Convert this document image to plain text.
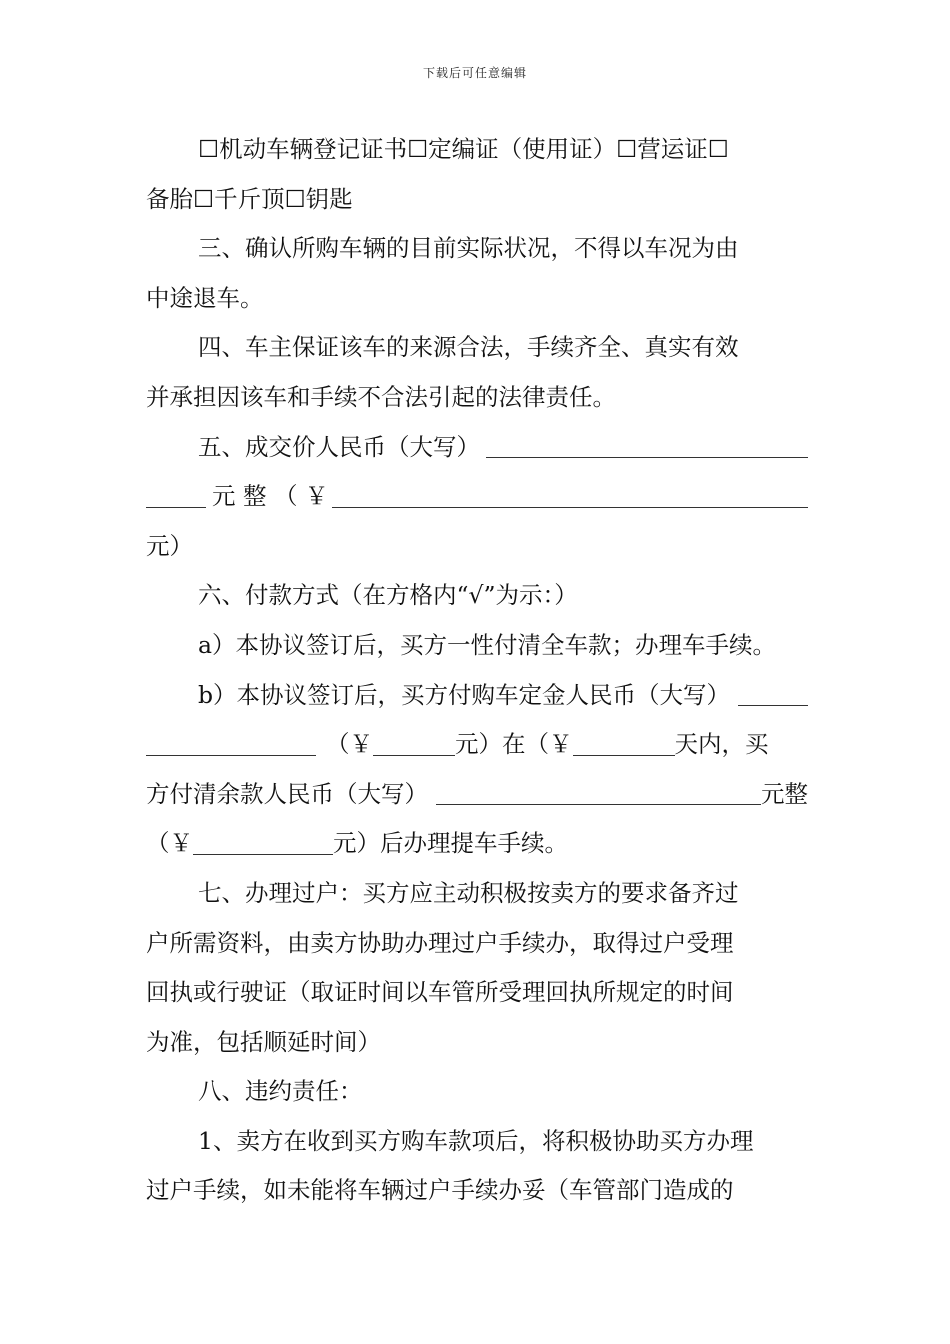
下载后可任意编辑
☐机动车辆登记证书☐定编证（使用证）☐营运证☐
备胎☐千斤顶☐钥匙
三、确认所购车辆的目前实际状况，不得以车况为由
中途退车。
四、车主保证该车的来源合法，手续齐全、真实有效
并承担因该车和手续不合法引起的法律责任。
五、成交价人民币（大写）
元 整 （ ￥
元）
六、付款方式（在方格内“√”为示：）
a）本协议签订后，买方一性付清全车款；办理车手续。
b）本协议签订后，买方付购车定金人民币（大写）
（￥	元）在（￥	天内，买
方付清余款人民币（大写）	元整
（￥	元）后办理提车手续。
七、办理过户：买方应主动积极按卖方的要求备齐过
户所需资料，由卖方协助办理过户手续办，取得过户受理
回执或行驶证（取证时间以车管所受理回执所规定的时间
为准，包括顺延时间）
八、违约责任：
1、卖方在收到买方购车款项后，将积极协助买方办理
过户手续，如未能将车辆过户手续办妥（车管部门造成的
